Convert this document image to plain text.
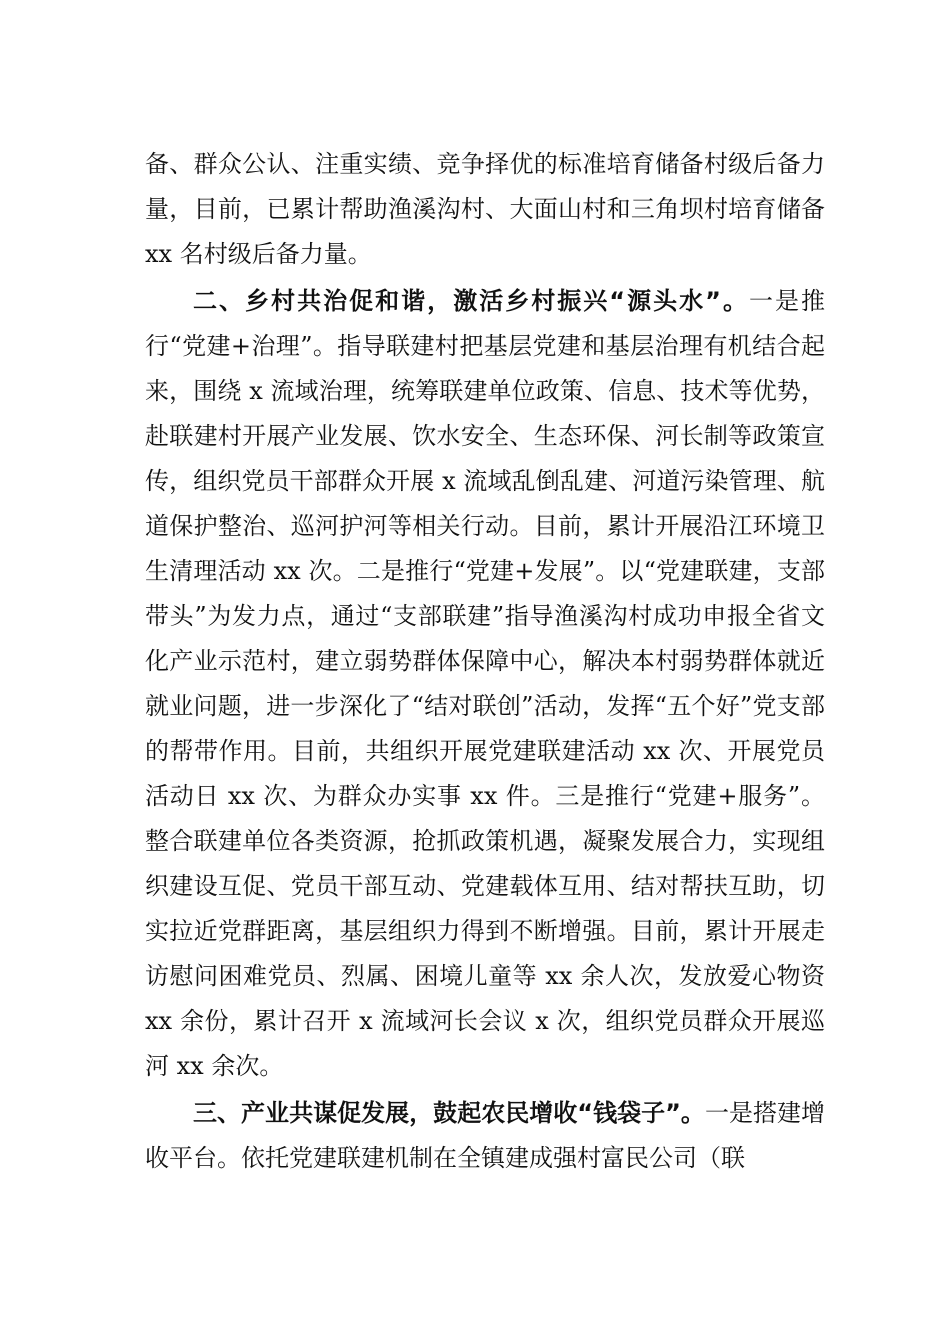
备、群众公认、注重实绩、竞争择优的标准培育储备村级后备力量，目前，已累计帮助渔溪沟村、大面山村和三角坝村培育储备 xx 名村级后备力量。

二、乡村共治促和谐，激活乡村振兴“源头水”。一是推行“党建+治理”。指导联建村把基层党建和基层治理有机结合起来，围绕 x 流域治理，统筹联建单位政策、信息、技术等优势，赴联建村开展产业发展、饮水安全、生态环保、河长制等政策宣传，组织党员干部群众开展 x 流域乱倒乱建、河道污染管理、航道保护整治、巡河护河等相关行动。目前，累计开展沿江环境卫生清理活动 xx 次。二是推行“党建+发展”。以“党建联建，支部带头”为发力点，通过“支部联建”指导渔溪沟村成功申报全省文化产业示范村，建立弱势群体保障中心，解决本村弱势群体就近就业问题，进一步深化了“结对联创”活动，发挥“五个好”党支部的帮带作用。目前，共组织开展党建联建活动 xx 次、开展党员活动日 xx 次、为群众办实事 xx 件。三是推行“党建+服务”。整合联建单位各类资源，抢抓政策机遇，凝聚发展合力，实现组织建设互促、党员干部互动、党建载体互用、结对帮扶互助，切实拉近党群距离，基层组织力得到不断增强。目前，累计开展走访慰问困难党员、烈属、困境儿童等 xx 余人次，发放爱心物资 xx 余份，累计召开 x 流域河长会议 x 次，组织党员群众开展巡河 xx 余次。

三、产业共谋促发展，鼓起农民增收“钱袋子”。一是搭建增收平台。依托党建联建机制在全镇建成强村富民公司（联
